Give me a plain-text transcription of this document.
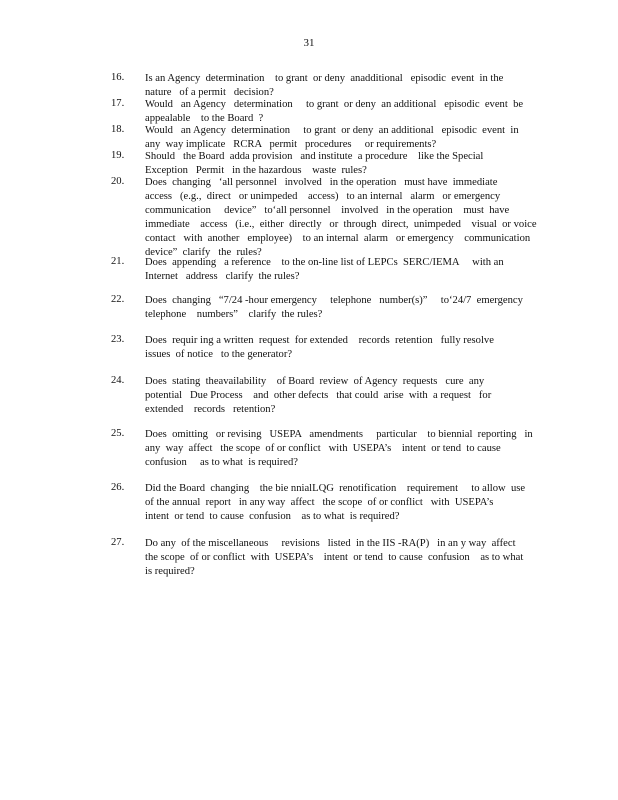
31
16. Is an Agency  determination    to grant  or deny  anadditional   episodic  event  in the
nature   of a permit   decision?
17. Would   an Agency   determination     to grant  or deny  an additional   episodic  event  be
appealable    to the Board  ?
18. Would   an Agency  determination     to grant  or deny  an additional   episodic  event  in
any  way implicate   RCRA   permit   procedures     or requirements?
19. Should   the Board  adda provision   and institute  a procedure    like the Special
Exception   Permit   in the hazardous    waste  rules?
20. Does  changing   ‘all personnel   involved   in the operation   must have  immediate
access   (e.g.,  direct   or unimpeded    access)   to an internal   alarm   or emergency
communication     device”   to‘all personnel    involved   in the operation    must  have
immediate    access   (i.e.,  either  directly   or  through  direct,  unimpeded    visual  or voice
contact   with  another   employee)    to an internal  alarm   or emergency    communication
device”  clarify   the  rules?
21. Does  appending   a reference    to the on-line list of LEPCs  SERC/IEMA     with an
Internet   address   clarify  the rules?
22. Does  changing   “7/24 -hour emergency     telephone   number(s)”     to‘24/7  emergency
telephone    numbers”    clarify  the rules?
23. Does  requir ing a written  request  for extended    records  retention   fully resolve
issues  of notice   to the generator?
24. Does  stating  theavailability    of Board  review  of Agency  requests   cure  any
potential   Due Process    and  other defects   that could  arise  with  a request   for
extended    records   retention?
25. Does  omitting   or revising   USEPA   amendments     particular    to biennial  reporting   in
any  way  affect   the scope  of or conflict   with  USEPA’s    intent  or tend  to cause
confusion     as to what  is required?
26. Did the Board  changing    the bie nnialLQG  renotification    requirement     to allow  use
of the annual  report   in any way  affect   the scope  of or conflict   with  USEPA’s
intent  or tend  to cause  confusion    as to what  is required?
27. Do any  of the miscellaneous     revisions   listed  in the IIS -RA(P)   in an y way  affect
the scope  of or conflict  with  USEPA’s    intent  or tend  to cause  confusion    as to what
is required?
